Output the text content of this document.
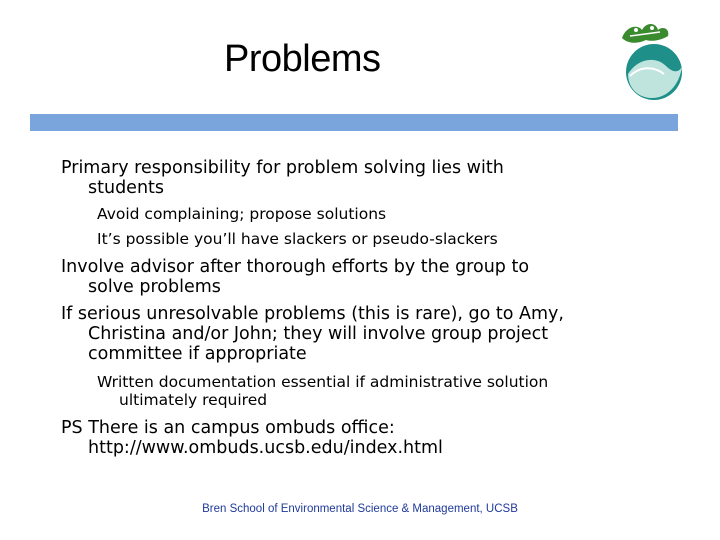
Problems
Primary responsibility for problem solving lies with
students
Avoid complaining; propose solutions
It’s possible you’ll have slackers or pseudo-slackers
Involve advisor after thorough efforts by the group to
solve problems
If serious unresolvable problems (this is rare), go to Amy,
Christina and/or John; they will involve group project
committee if appropriate
Written documentation essential if administrative solution
ultimately required
PS There is an campus ombuds office:
http://www.ombuds.ucsb.edu/index.html
Bren School of Environmental Science & Management, UCSB
